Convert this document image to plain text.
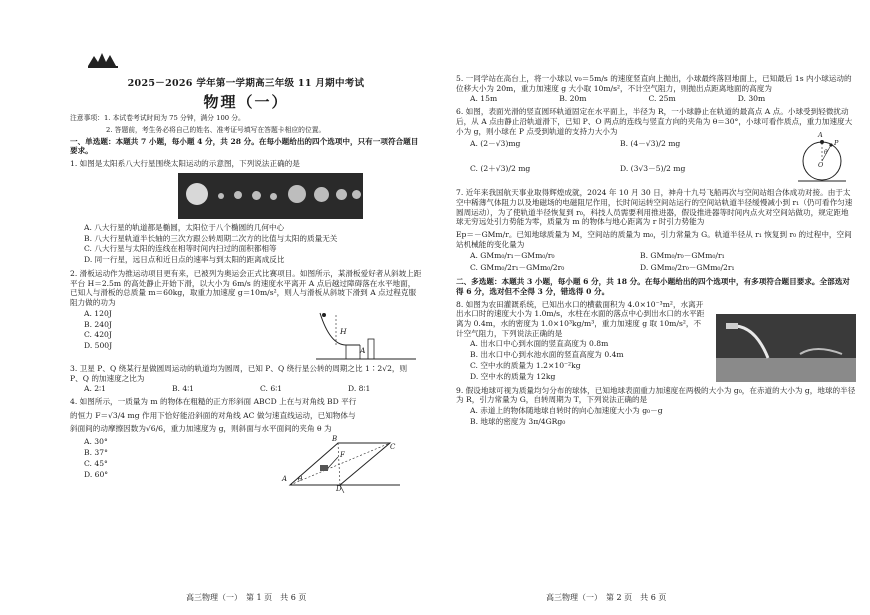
2025－2026 学年第一学期高三年级 11 月期中考试
物理（一）
注意事项：1. 本试卷考试时间为 75 分钟，满分 100 分。
2. 答题前，考生务必将自己的姓名、准考证号填写在答题卡相应的位置。
一、单选题：本题共 7 小题，每小题 4 分，共 28 分。在每小题给出的四个选项中，只有一项符合题目要求。
1. 如图是太阳系八大行星围绕太阳运动的示意图，下列说法正确的是
A. 八大行星的轨道都是椭圆，太阳位于八个椭圆的几何中心
B. 八大行星轨道半长轴的三次方跟公转周期二次方的比值与太阳的质量无关
C. 八大行星与太阳的连线在相等时间内扫过的面积都相等
D. 同一行星，远日点和近日点的速率与到太阳的距离成反比
2. 滑板运动作为推运动项目更有来，已被列为奥运会正式比赛项目。如图所示，某滑板爱好者从斜坡上距平台 H＝2.5m 的高处静止开始下滑，以大小为 6m/s 的速度水平离开 A 点后越过障碍落在水平地面，已知人与滑板的总质量 m＝60kg，取重力加速度 g＝10m/s²，则人与滑板从斜坡下滑到 A 点过程克服阻力做的功为
A. 120J
B. 240J
C. 420J
D. 500J
H
A
3. 卫星 P、Q 绕某行星做圆周运动的轨道均为圆周，已知 P、Q 绕行星公转的周期之比 1∶2√2，则 P、Q 的加速度之比为
A. 2∶1	B. 4∶1	C. 6∶1	D. 8∶1
4. 如图所示，一质量为 m 的物体在粗糙的正方形斜面 ABCD 上在与对角线 BD 平行
的恒力 F＝√3/4 mg 作用下恰好能沿斜面的对角线 AC 做匀速直线运动，已知物体与
斜面间的动摩擦因数为√6/6，重力加速度为 g，则斜面与水平面间的夹角 θ 为
A. 30°
B. 37°
C. 45°
D. 60°
A
B
C
D
F
θ
高三物理（一）　第 1 页　共 6 页
5. 一同学站在高台上，将一小球以 v₀＝5m/s 的速度竖直向上抛出，小球最终落回地面上，已知最后 1s 内小球运动的位移大小为 20m，重力加速度 g 大小取 10m/s²，不计空气阻力，则抛出点距离地面的高度为
A. 15m	B. 20m	C. 25m	D. 30m
6. 如图，表面光滑的竖直圆环轨道固定在水平面上，半径为 R，一小球静止在轨道的最高点 A 点。小球受到轻微扰动后，从 A 点由静止沿轨道滑下，已知 P、O 两点的连线与竖直方向的夹角为 θ＝30°，小球可看作质点，重力加速度大小为 g，则小球在 P 点受到轨道的支持力大小为
A. (2－√3)mg	B. (4－√3)/2 mg
C. (2＋√3)/2 mg	D. (3√3－5)/2 mg
A
P
θ
O
7. 近年来我国航天事业取得辉煌成就，2024 年 10 月 30 日，神舟十九号飞船再次与空间站组合体成功对接。由于太空中稀薄气体阻力以及地磁场的电磁阻尼作用，长时间运转空间站运行的空间站轨道半径缓慢减小到 r₁（仍可看作匀速圆周运动），为了使轨道半径恢复到 r₀，科技人员需要利用推进器，假设推进器等时间内点火对空间站做功，规定距地球无穷远处引力势能为零，质量为 m 的物体与地心距离为 r 时引力势能为
Ep＝－GMm/r。已知地球质量为 M，空间站的质量为 m₀，引力常量为 G。轨道半径从 r₁ 恢复到 r₀ 的过程中，空间站机械能的变化量为
A. GMm₀/r₁－GMm₀/r₀	B. GMm₀/r₀－GMm₀/r₁
C. GMm₀/2r₁－GMm₀/2r₀	D. GMm₀/2r₀－GMm₀/2r₁
二、多选题：本题共 3 小题，每小题 6 分，共 18 分。在每小题给出的四个选项中，有多项符合题目要求。全部选对得 6 分，选对但不全得 3 分，错选得 0 分。
8. 如图为农田灌溉系统，已知出水口的横截面积为 4.0×10⁻³m²，水离开出水口时的速度大小为 1.0m/s，水柱在水面的落点中心到出水口的水平距离为 0.4m，水的密度为 1.0×10³kg/m³，重力加速度 g 取 10m/s²，不计空气阻力，下列说法正确的是
A. 出水口中心到水面的竖直高度为 0.8m
B. 出水口中心到水池水面的竖直高度为 0.4m
C. 空中水的质量为 1.2×10⁻²kg
D. 空中水的质量为 12kg
9. 假设地球可视为质量均匀分布的球体，已知地球表面重力加速度在两极的大小为 g₀，在赤道的大小为 g，地球的半径为 R，引力常量为 G，自转周期为 T，下列说法正确的是
A. 赤道上的物体随地球自转时的向心加速度大小为 g₀－g
B. 地球的密度为 3π/4GRg₀
高三物理（一）　第 2 页　共 6 页
